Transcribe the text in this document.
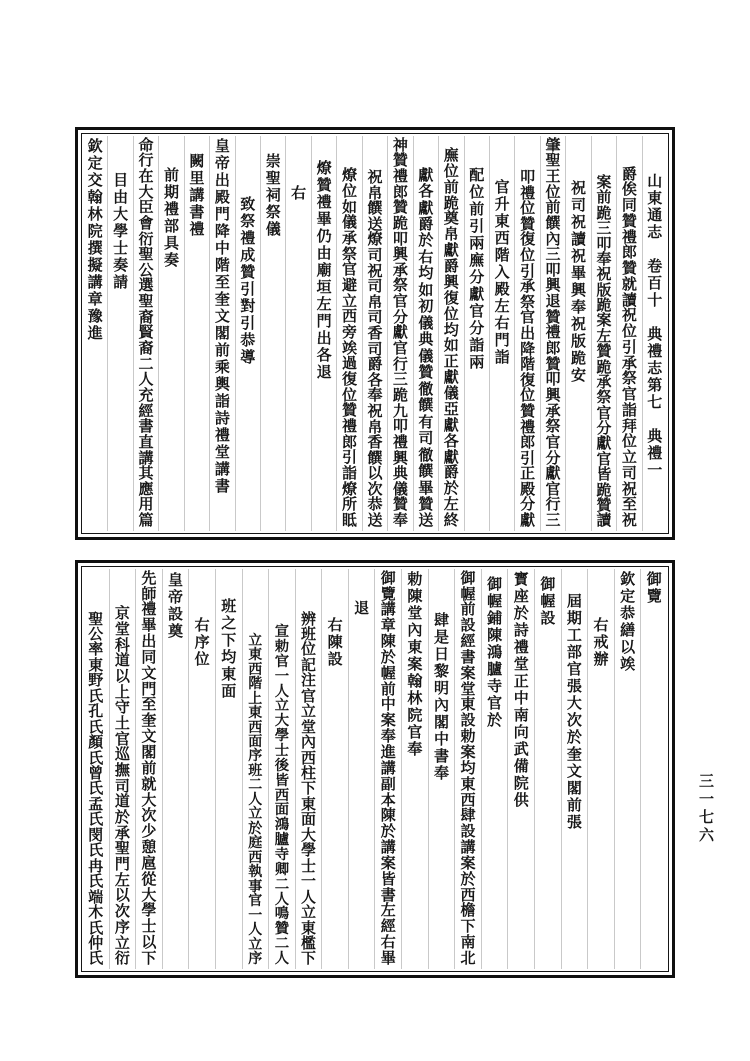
山
東
通
志
卷
百
十
典
禮
志
第
七
典
禮
一
爵
俟
同
贊
禮
郎
贊
就
讀
祝
位
引
承
祭
官
詣
拜
位
立
司
祝
至
祝
案
前
跪
三
叩
奉
祝
版
跪
案
左
贊
跪
承
祭
官
分
獻
官
皆
跪
贊
讀
祝
司
祝
讀
祝
畢
興
奉
祝
版
跪
安
肇
聖
王
位
前
饌
內
三
叩
興
退
贊
禮
郎
贊
叩
興
承
祭
官
分
獻
官
行
三
叩
禮
位
贊
復
位
引
承
祭
官
出
降
階
復
位
贊
禮
郎
引
正
殿
分
獻
官
升
東
西
階
入
殿
左
右
門
詣
配
位
前
引
兩
廡
分
獻
官
分
詣
兩
廡
位
前
跪
奠
帛
獻
爵
興
復
位
均
如
正
獻
儀
亞
獻
各
獻
爵
於
左
終
獻
各
獻
爵
於
右
均
如
初
儀
典
儀
贊
徹
饌
有
司
徹
饌
畢
贊
送
神
贊
禮
郎
贊
跪
叩
興
承
祭
官
分
獻
官
行
三
跪
九
叩
禮
興
典
儀
贊
奉
祝
帛
饌
送
燎
司
祝
司
帛
司
香
司
爵
各
奉
祝
帛
香
饌
以
次
恭
送
燎
位
如
儀
承
祭
官
避
立
西
旁
竢
過
復
位
贊
禮
郎
引
詣
燎
所
眡
燎
贊
禮
畢
仍
由
廟
垣
左
門
出
各
退
右
崇
聖
祠
祭
儀
致
祭
禮
成
贊
引
對
引
恭
導
皇
帝
出
殿
門
降
中
階
至
奎
文
閣
前
乘
輿
詣
詩
禮
堂
講
書
闕
里
講
書
禮
前
期
禮
部
具
奏
命
行
在
大
臣
會
衍
聖
公
選
聖
裔
賢
裔
二
人
充
經
書
直
講
其
應
用
篇
目
由
大
學
士
奏
請
欽
定
交
翰
林
院
撰
擬
講
章
豫
進
御
覽
欽
定
恭
繕
以
竢
右
戒
辦
屆
期
工
部
官
張
大
次
於
奎
文
閣
前
張
御
幄
設
寳
座
於
詩
禮
堂
正
中
南
向
武
備
院
供
御
幄
鋪
陳
鴻
臚
寺
官
於
御
幄
前
設
經
書
案
堂
東
設
勅
案
均
東
西
肆
設
講
案
於
西
檐
下
南
北
肆
是
日
黎
明
內
閣
中
書
奉
勅
陳
堂
內
東
案
翰
林
院
官
奉
御
覽
講
章
陳
於
幄
前
中
案
奉
進
講
副
本
陳
於
講
案
皆
書
左
經
右
畢
退
右
陳
設
辨
班
位
記
注
官
立
堂
內
西
柱
下
東
面
大
學
士
一
人
立
東
檻
下
宣
勅
官
一
人
立
大
學
士
後
皆
西
面
鴻
臚
寺
卿
二
人
鳴
贊
二
人
立
東
西
階
上
東
西
面
序
班
二
人
立
於
庭
西
執
事
官
一
人
立
序
班
之
下
均
東
面
右
序
位
皇
帝
設
奠
先
師
禮
畢
出
同
文
門
至
奎
文
閣
前
就
大
次
少
憩
扈
從
大
學
士
以
下
京
堂
科
道
以
上
守
土
官
巡
撫
司
道
於
承
聖
門
左
以
次
序
立
衍
聖
公
率
東
野
氏
孔
氏
顏
氏
曾
氏
孟
氏
閔
氏
冉
氏
端
木
氏
仲
氏
三一七六
